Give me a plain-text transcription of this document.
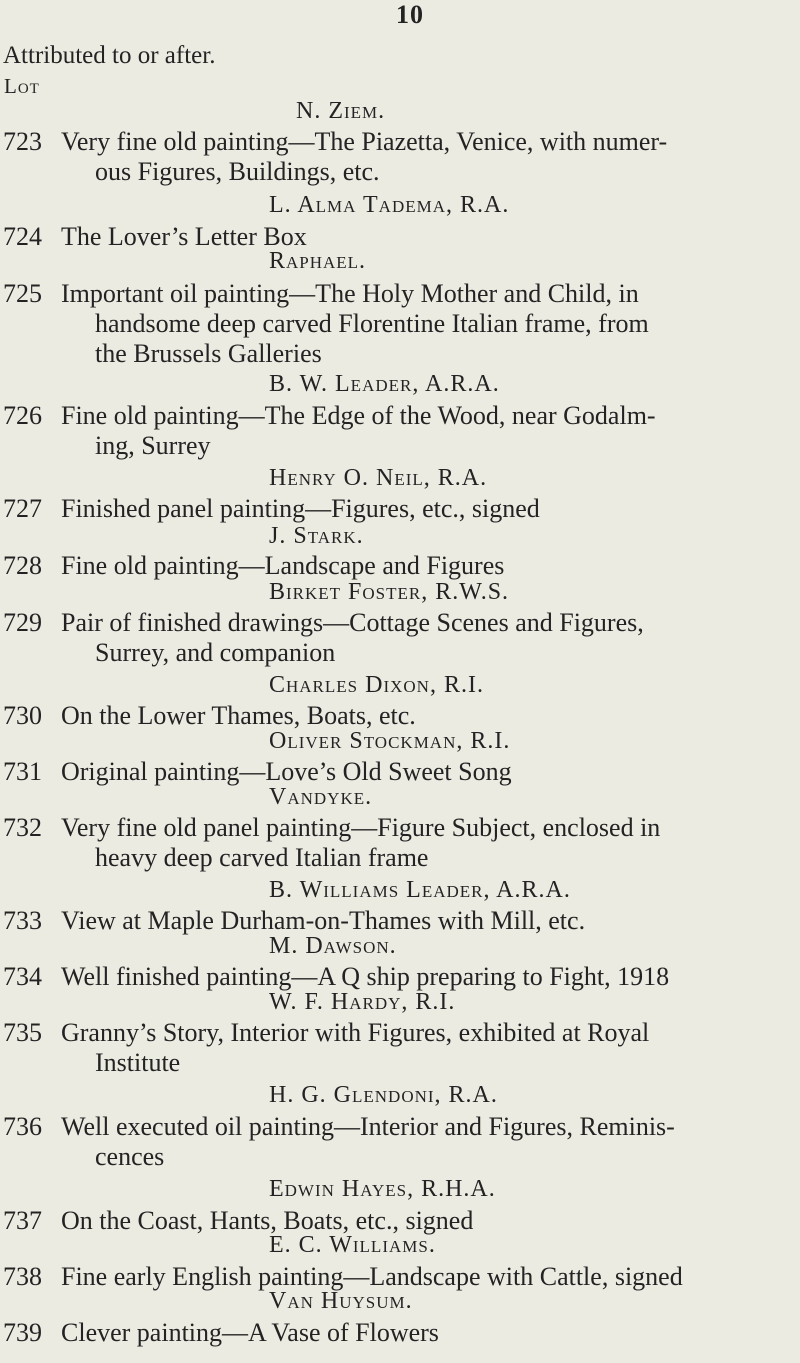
10
Attributed to or after.
Lot
N. Ziem.
723 Very fine old painting—The Piazetta, Venice, with numer-
ous Figures, Buildings, etc.
L. Alma Tadema, R.A.
724 The Lover’s Letter Box
Raphael.
725 Important oil painting—The Holy Mother and Child, in
handsome deep carved Florentine Italian frame, from
the Brussels Galleries
B. W. Leader, A.R.A.
726 Fine old painting—The Edge of the Wood, near Godalm-
ing, Surrey
Henry O. Neil, R.A.
727 Finished panel painting—Figures, etc., signed
J. Stark.
728 Fine old painting—Landscape and Figures
Birket Foster, R.W.S.
729 Pair of finished drawings—Cottage Scenes and Figures,
Surrey, and companion
Charles Dixon, R.I.
730 On the Lower Thames, Boats, etc.
Oliver Stockman, R.I.
731 Original painting—Love’s Old Sweet Song
Vandyke.
732 Very fine old panel painting—Figure Subject, enclosed in
heavy deep carved Italian frame
B. Williams Leader, A.R.A.
733 View at Maple Durham-on-Thames with Mill, etc.
M. Dawson.
734 Well finished painting—A Q ship preparing to Fight, 1918
W. F. Hardy, R.I.
735 Granny’s Story, Interior with Figures, exhibited at Royal
Institute
H. G. Glendoni, R.A.
736 Well executed oil painting—Interior and Figures, Reminis-
cences
Edwin Hayes, R.H.A.
737 On the Coast, Hants, Boats, etc., signed
E. C. Williams.
738 Fine early English painting—Landscape with Cattle, signed
Van Huysum.
739 Clever painting—A Vase of Flowers
